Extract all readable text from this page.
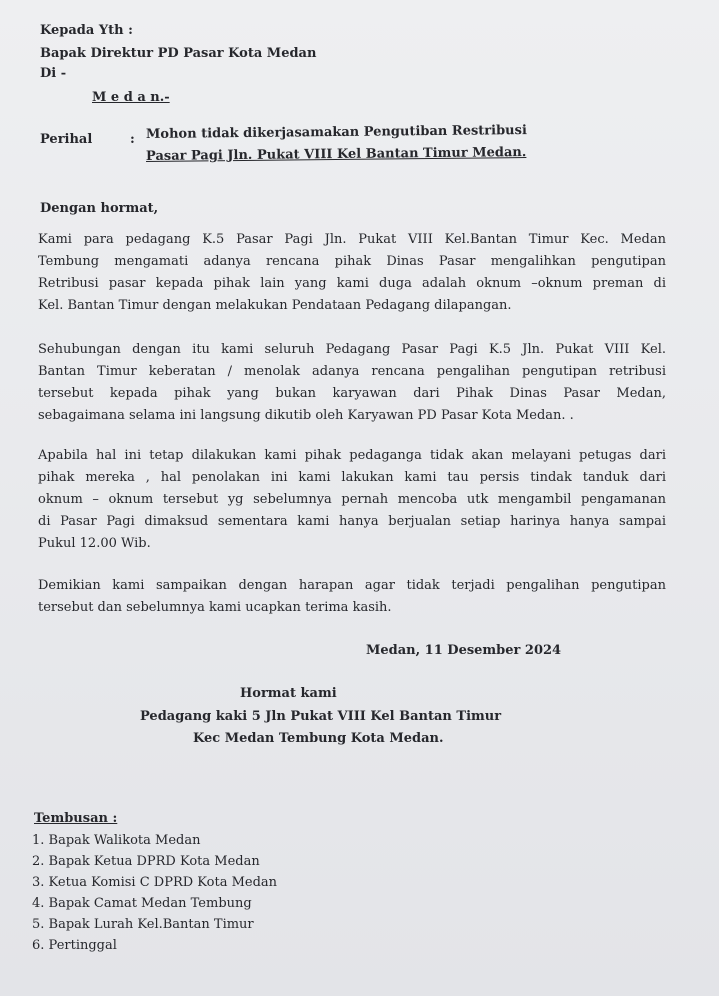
Kepada Yth :
Bapak Direktur PD Pasar Kota Medan
Di -
M e d a n.-
Perihal	: Mohon tidak dikerjasamakan Pengutiban Restribusi
Pasar Pagi Jln. Pukat VIII Kel Bantan Timur Medan.
Dengan hormat,
Kami para pedagang K.5 Pasar Pagi Jln. Pukat VIII Kel.Bantan Timur Kec. Medan
Tembung mengamati adanya rencana pihak Dinas Pasar mengalihkan pengutipan
Retribusi pasar kepada pihak lain yang kami duga adalah oknum –oknum preman di
Kel. Bantan Timur dengan melakukan Pendataan Pedagang dilapangan.
Sehubungan dengan itu kami seluruh Pedagang Pasar Pagi K.5 Jln. Pukat VIII Kel.
Bantan Timur keberatan / menolak adanya rencana pengalihan pengutipan retribusi
tersebut kepada pihak yang bukan karyawan dari Pihak Dinas Pasar Medan,
sebagaimana selama ini langsung dikutib oleh Karyawan PD Pasar Kota Medan. .
Apabila hal ini tetap dilakukan kami pihak pedaganga tidak akan melayani petugas dari
pihak mereka , hal penolakan ini kami lakukan kami tau persis tindak tanduk dari
oknum – oknum tersebut yg sebelumnya pernah mencoba utk mengambil pengamanan
di Pasar Pagi dimaksud sementara kami hanya berjualan setiap harinya hanya sampai
Pukul 12.00 Wib.
Demikian kami sampaikan dengan harapan agar tidak terjadi pengalihan pengutipan
tersebut dan sebelumnya kami ucapkan terima kasih.
Medan, 11 Desember 2024
Hormat kami
Pedagang kaki 5 Jln Pukat VIII Kel Bantan Timur
Kec Medan Tembung Kota Medan.
Tembusan :
1. Bapak Walikota Medan
2. Bapak Ketua DPRD Kota Medan
3. Ketua Komisi C DPRD Kota Medan
4. Bapak Camat Medan Tembung
5. Bapak Lurah Kel.Bantan Timur
6. Pertinggal
